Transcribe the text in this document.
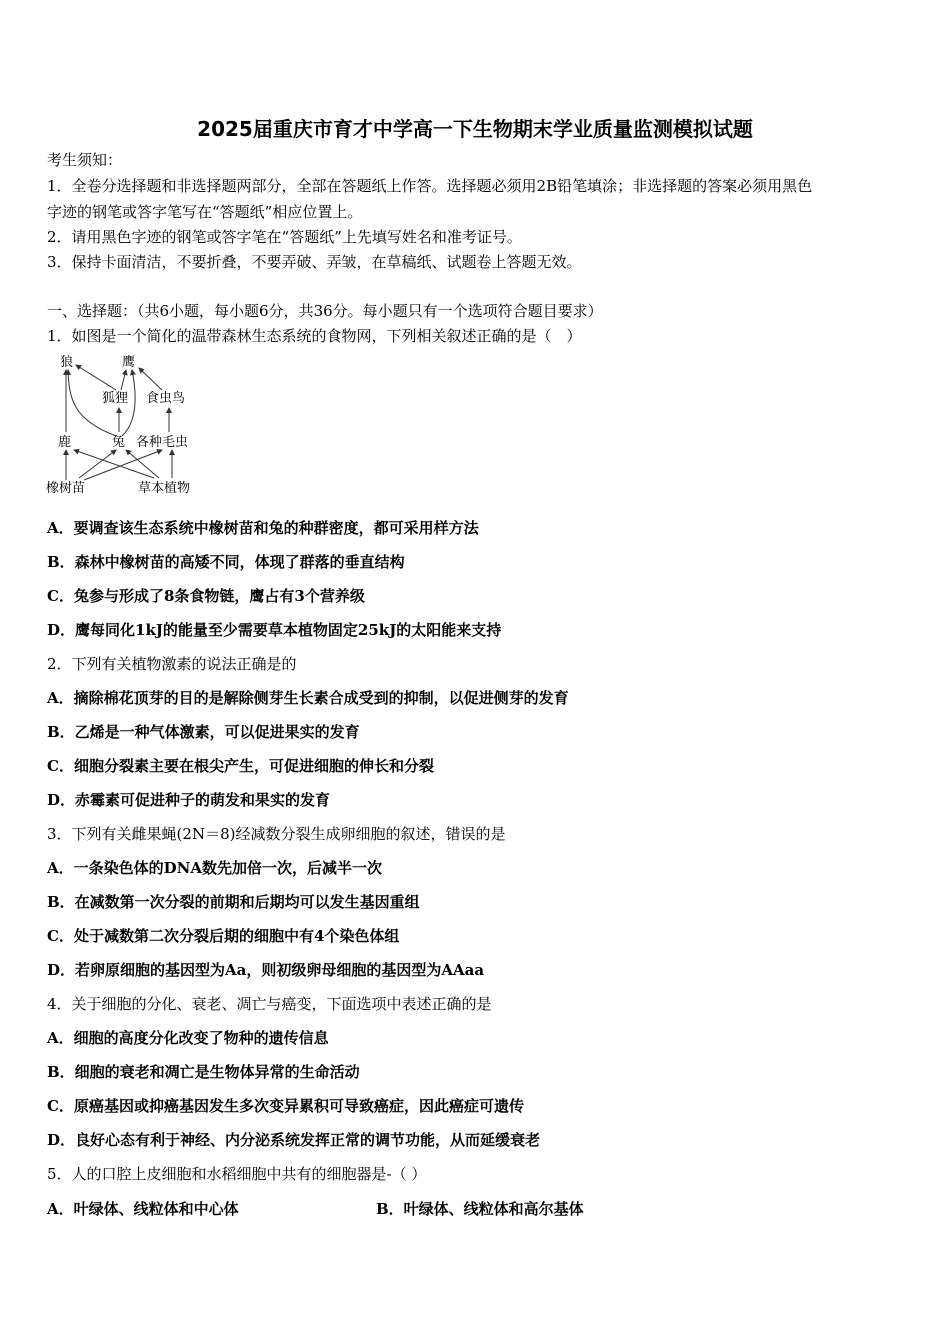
2025届重庆市育才中学高一下生物期末学业质量监测模拟试题
考生须知：
1．全卷分选择题和非选择题两部分，全部在答题纸上作答。选择题必须用2B铅笔填涂；非选择题的答案必须用黑色
字迹的钢笔或答字笔写在“答题纸”相应位置上。
2．请用黑色字迹的钢笔或答字笔在“答题纸”上先填写姓名和准考证号。
3．保持卡面清洁，不要折叠，不要弄破、弄皱，在草稿纸、试题卷上答题无效。
一、选择题：（共6小题，每小题6分，共36分。每小题只有一个选项符合题目要求）
1．如图是一个简化的温带森林生态系统的食物网，下列相关叙述正确的是（　）
狼	鹰
狐狸 食虫鸟
鹿	兔 各种毛虫
橡树苗	草本植物
A．要调查该生态系统中橡树苗和兔的种群密度，都可采用样方法
B．森林中橡树苗的高矮不同，体现了群落的垂直结构
C．兔参与形成了8条食物链，鹰占有3个营养级
D．鹰每同化1kJ的能量至少需要草本植物固定25kJ的太阳能来支持
2．下列有关植物激素的说法正确是的
A．摘除棉花顶芽的目的是解除侧芽生长素合成受到的抑制，以促进侧芽的发育
B．乙烯是一种气体激素，可以促进果实的发育
C．细胞分裂素主要在根尖产生，可促进细胞的伸长和分裂
D．赤霉素可促进种子的萌发和果实的发育
3．下列有关雌果蝇(2N＝8)经减数分裂生成卵细胞的叙述，错误的是
A．一条染色体的DNA数先加倍一次，后减半一次
B．在减数第一次分裂的前期和后期均可以发生基因重组
C．处于减数第二次分裂后期的细胞中有4个染色体组
D．若卵原细胞的基因型为Aa，则初级卵母细胞的基因型为AAaa
4．关于细胞的分化、衰老、凋亡与癌变，下面选项中表述正确的是
A．细胞的高度分化改变了物种的遗传信息
B．细胞的衰老和凋亡是生物体异常的生命活动
C．原癌基因或抑癌基因发生多次变异累积可导致癌症，因此癌症可遗传
D．良好心态有利于神经、内分泌系统发挥正常的调节功能，从而延缓衰老
5．人的口腔上皮细胞和水稻细胞中共有的细胞器是-（ ）
A．叶绿体、线粒体和中心体	B．叶绿体、线粒体和高尔基体
